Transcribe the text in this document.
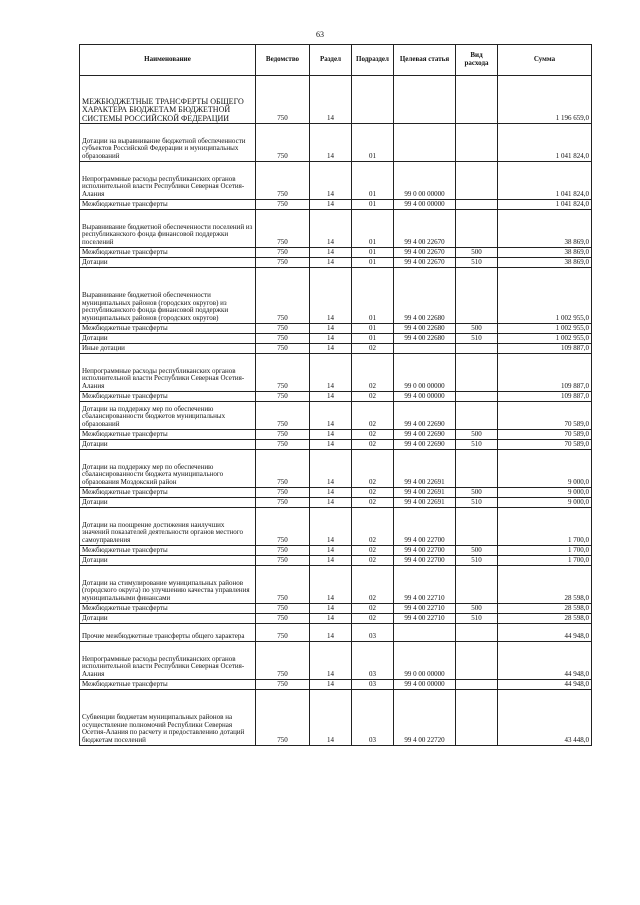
63
Наименование	Ведомство	Раздел	Подраздел	Целевая статья	Вид расхода	Сумма
МЕЖБЮДЖЕТНЫЕ ТРАНСФЕРТЫ ОБЩЕГО ХАРАКТЕРА БЮДЖЕТАМ БЮДЖЕТНОЙ СИСТЕМЫ РОССИЙСКОЙ ФЕДЕРАЦИИ	750	14				1 196 659,0
Дотации на выравнивание бюджетной обеспеченности субъектов Российской Федерации и муниципальных образований	750	14	01			1 041 824,0
Непрограммные расходы республиканских органов исполнительной власти Республики Северная Осетия-Алания	750	14	01	99 0 00 00000		1 041 824,0
Межбюджетные трансферты	750	14	01	99 4 00 00000		1 041 824,0
Выравнивание бюджетной обеспеченности поселений из республиканского фонда финансовой поддержки поселений	750	14	01	99 4 00 22670		38 869,0
Межбюджетные трансферты	750	14	01	99 4 00 22670	500	38 869,0
Дотации	750	14	01	99 4 00 22670	510	38 869,0
Выравнивание бюджетной обеспеченности муниципальных районов (городских округов) из республиканского фонда финансовой поддержки муниципальных районов (городских округов)	750	14	01	99 4 00 22680		1 002 955,0
Межбюджетные трансферты	750	14	01	99 4 00 22680	500	1 002 955,0
Дотации	750	14	01	99 4 00 22680	510	1 002 955,0
Иные дотации	750	14	02			109 887,0
Непрограммные расходы республиканских органов исполнительной власти Республики Северная Осетия-Алания	750	14	02	99 0 00 00000		109 887,0
Межбюджетные трансферты	750	14	02	99 4 00 00000		109 887,0
Дотации на поддержку мер по обеспечению сбалансированности бюджетов муниципальных образований	750	14	02	99 4 00 22690		70 589,0
Межбюджетные трансферты	750	14	02	99 4 00 22690	500	70 589,0
Дотации	750	14	02	99 4 00 22690	510	70 589,0
Дотации на поддержку мер по обеспечению сбалансированности бюджета муниципального образования Моздокский район	750	14	02	99 4 00 22691		9 000,0
Межбюджетные трансферты	750	14	02	99 4 00 22691	500	9 000,0
Дотации	750	14	02	99 4 00 22691	510	9 000,0
Дотации на поощрение достижения наилучших значений показателей деятельности органов местного самоуправления	750	14	02	99 4 00 22700		1 700,0
Межбюджетные трансферты	750	14	02	99 4 00 22700	500	1 700,0
Дотации	750	14	02	99 4 00 22700	510	1 700,0
Дотации на стимулирование муниципальных районов (городского округа) по улучшению качества управления муниципальными финансами	750	14	02	99 4 00 22710		28 598,0
Межбюджетные трансферты	750	14	02	99 4 00 22710	500	28 598,0
Дотации	750	14	02	99 4 00 22710	510	28 598,0
Прочие межбюджетные трансферты общего характера	750	14	03			44 948,0
Непрограммные расходы республиканских органов исполнительной власти Республики Северная Осетия-Алания	750	14	03	99 0 00 00000		44 948,0
Межбюджетные трансферты	750	14	03	99 4 00 00000		44 948,0
Субвенции бюджетам муниципальных районов на осуществление полномочий Республики Северная Осетия-Алания по расчету и предоставлению дотаций бюджетам поселений	750	14	03	99 4 00 22720		43 448,0
